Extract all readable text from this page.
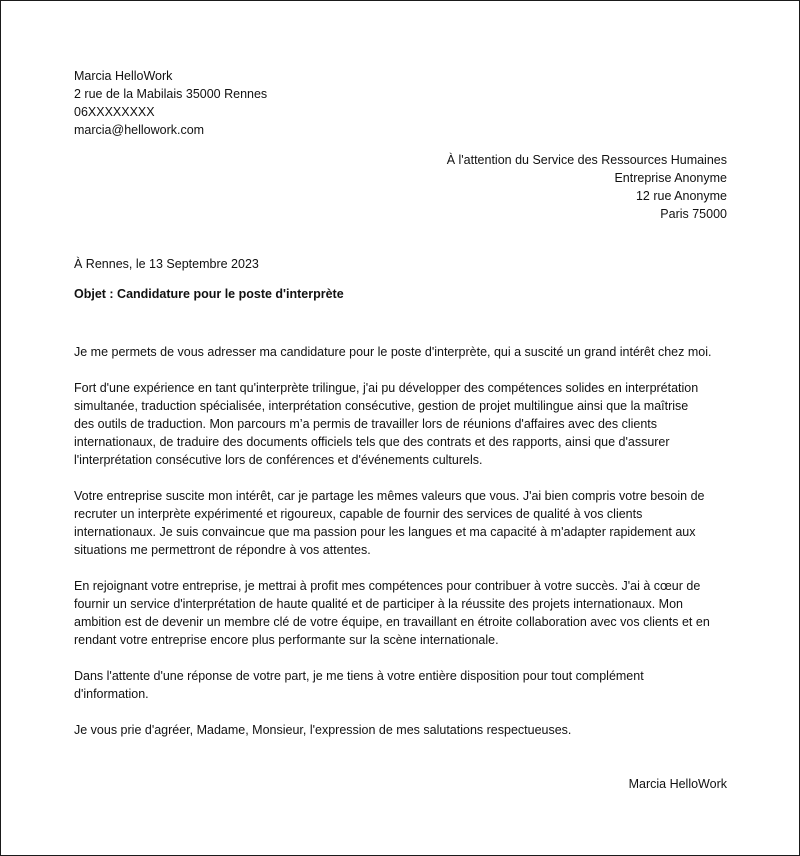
Marcia HelloWork
2 rue de la Mabilais 35000 Rennes
06XXXXXXXX
marcia@hellowork.com
À l'attention du Service des Ressources Humaines
Entreprise Anonyme
12 rue Anonyme
Paris 75000
À Rennes, le 13 Septembre 2023
Objet : Candidature pour le poste d'interprète
Je me permets de vous adresser ma candidature pour le poste d'interprète, qui a suscité un grand intérêt chez moi.
Fort d'une expérience en tant qu'interprète trilingue, j'ai pu développer des compétences solides en interprétation
simultanée, traduction spécialisée, interprétation consécutive, gestion de projet multilingue ainsi que la maîtrise
des outils de traduction. Mon parcours m’a permis de travailler lors de réunions d'affaires avec des clients
internationaux, de traduire des documents officiels tels que des contrats et des rapports, ainsi que d'assurer
l'interprétation consécutive lors de conférences et d'événements culturels.
Votre entreprise suscite mon intérêt, car je partage les mêmes valeurs que vous. J'ai bien compris votre besoin de
recruter un interprète expérimenté et rigoureux, capable de fournir des services de qualité à vos clients
internationaux. Je suis convaincue que ma passion pour les langues et ma capacité à m'adapter rapidement aux
situations me permettront de répondre à vos attentes.
En rejoignant votre entreprise, je mettrai à profit mes compétences pour contribuer à votre succès. J'ai à cœur de
fournir un service d'interprétation de haute qualité et de participer à la réussite des projets internationaux. Mon
ambition est de devenir un membre clé de votre équipe, en travaillant en étroite collaboration avec vos clients et en
rendant votre entreprise encore plus performante sur la scène internationale.
Dans l'attente d'une réponse de votre part, je me tiens à votre entière disposition pour tout complément
d'information.
Je vous prie d'agréer, Madame, Monsieur, l'expression de mes salutations respectueuses.
Marcia HelloWork
